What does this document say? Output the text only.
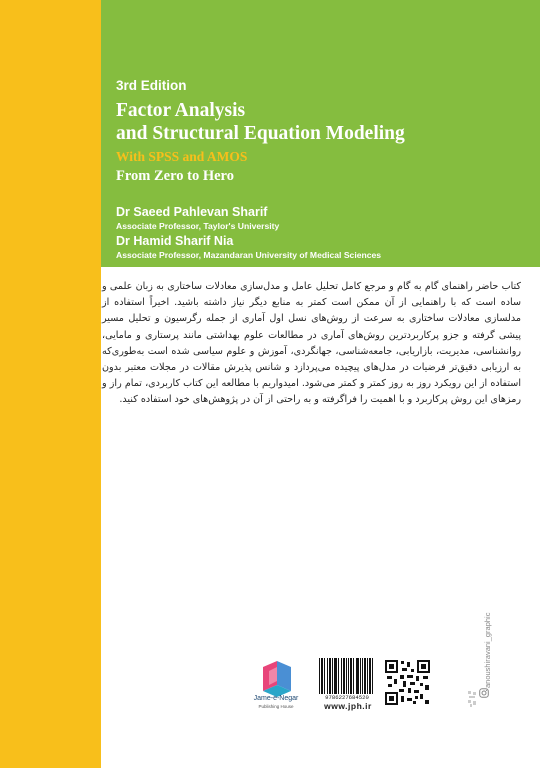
3rd Edition
Factor Analysis
and Structural Equation Modeling
With SPSS and AMOS
From Zero to Hero
Dr Saeed Pahlevan Sharif
Associate Professor, Taylor's University
Dr Hamid Sharif Nia
Associate Professor, Mazandaran University of Medical Sciences
کتاب حاضر راهنمای گام به گام و مرجع کامل تحلیل عامل و مدل‌سازی معادلات ساختاری به زبان علمی و ساده است که با راهنمایی از آن ممکن است کمتر به منابع دیگر نیاز داشته باشید. اخیراً استفاده از مدلسازی معادلات ساختاری به سرعت از روش‌های نسل اول آماری از جمله رگرسیون و تحلیل مسیر پیشی گرفته و جزو پرکاربردترین روش‌های آماری در مطالعات علوم بهداشتی مانند پرستاری و مامایی، روانشناسی، مدیریت، بازاریابی، جامعه‌شناسی، جهانگردی، آموزش و علوم سیاسی شده است به‌طوری‌که به ارزیابی دقیق‌تر فرضیات در مدل‌های پیچیده می‌پردازد و شانس پذیرش مقالات در مجلات معتبر بدون استفاده از این رویکرد روز به روز کمتر و کمتر می‌شود. امیدواریم با مطالعه این کتاب کاربردی، تمام راز و رمزهای این روش پرکاربرد و با اهمیت را فراگرفته و به راحتی از آن در پژوهش‌های خود استفاده کنید.
Jame-e-Negar
Publishing House
9786227684520
www.jph.ir
anoushiravani_graphic
